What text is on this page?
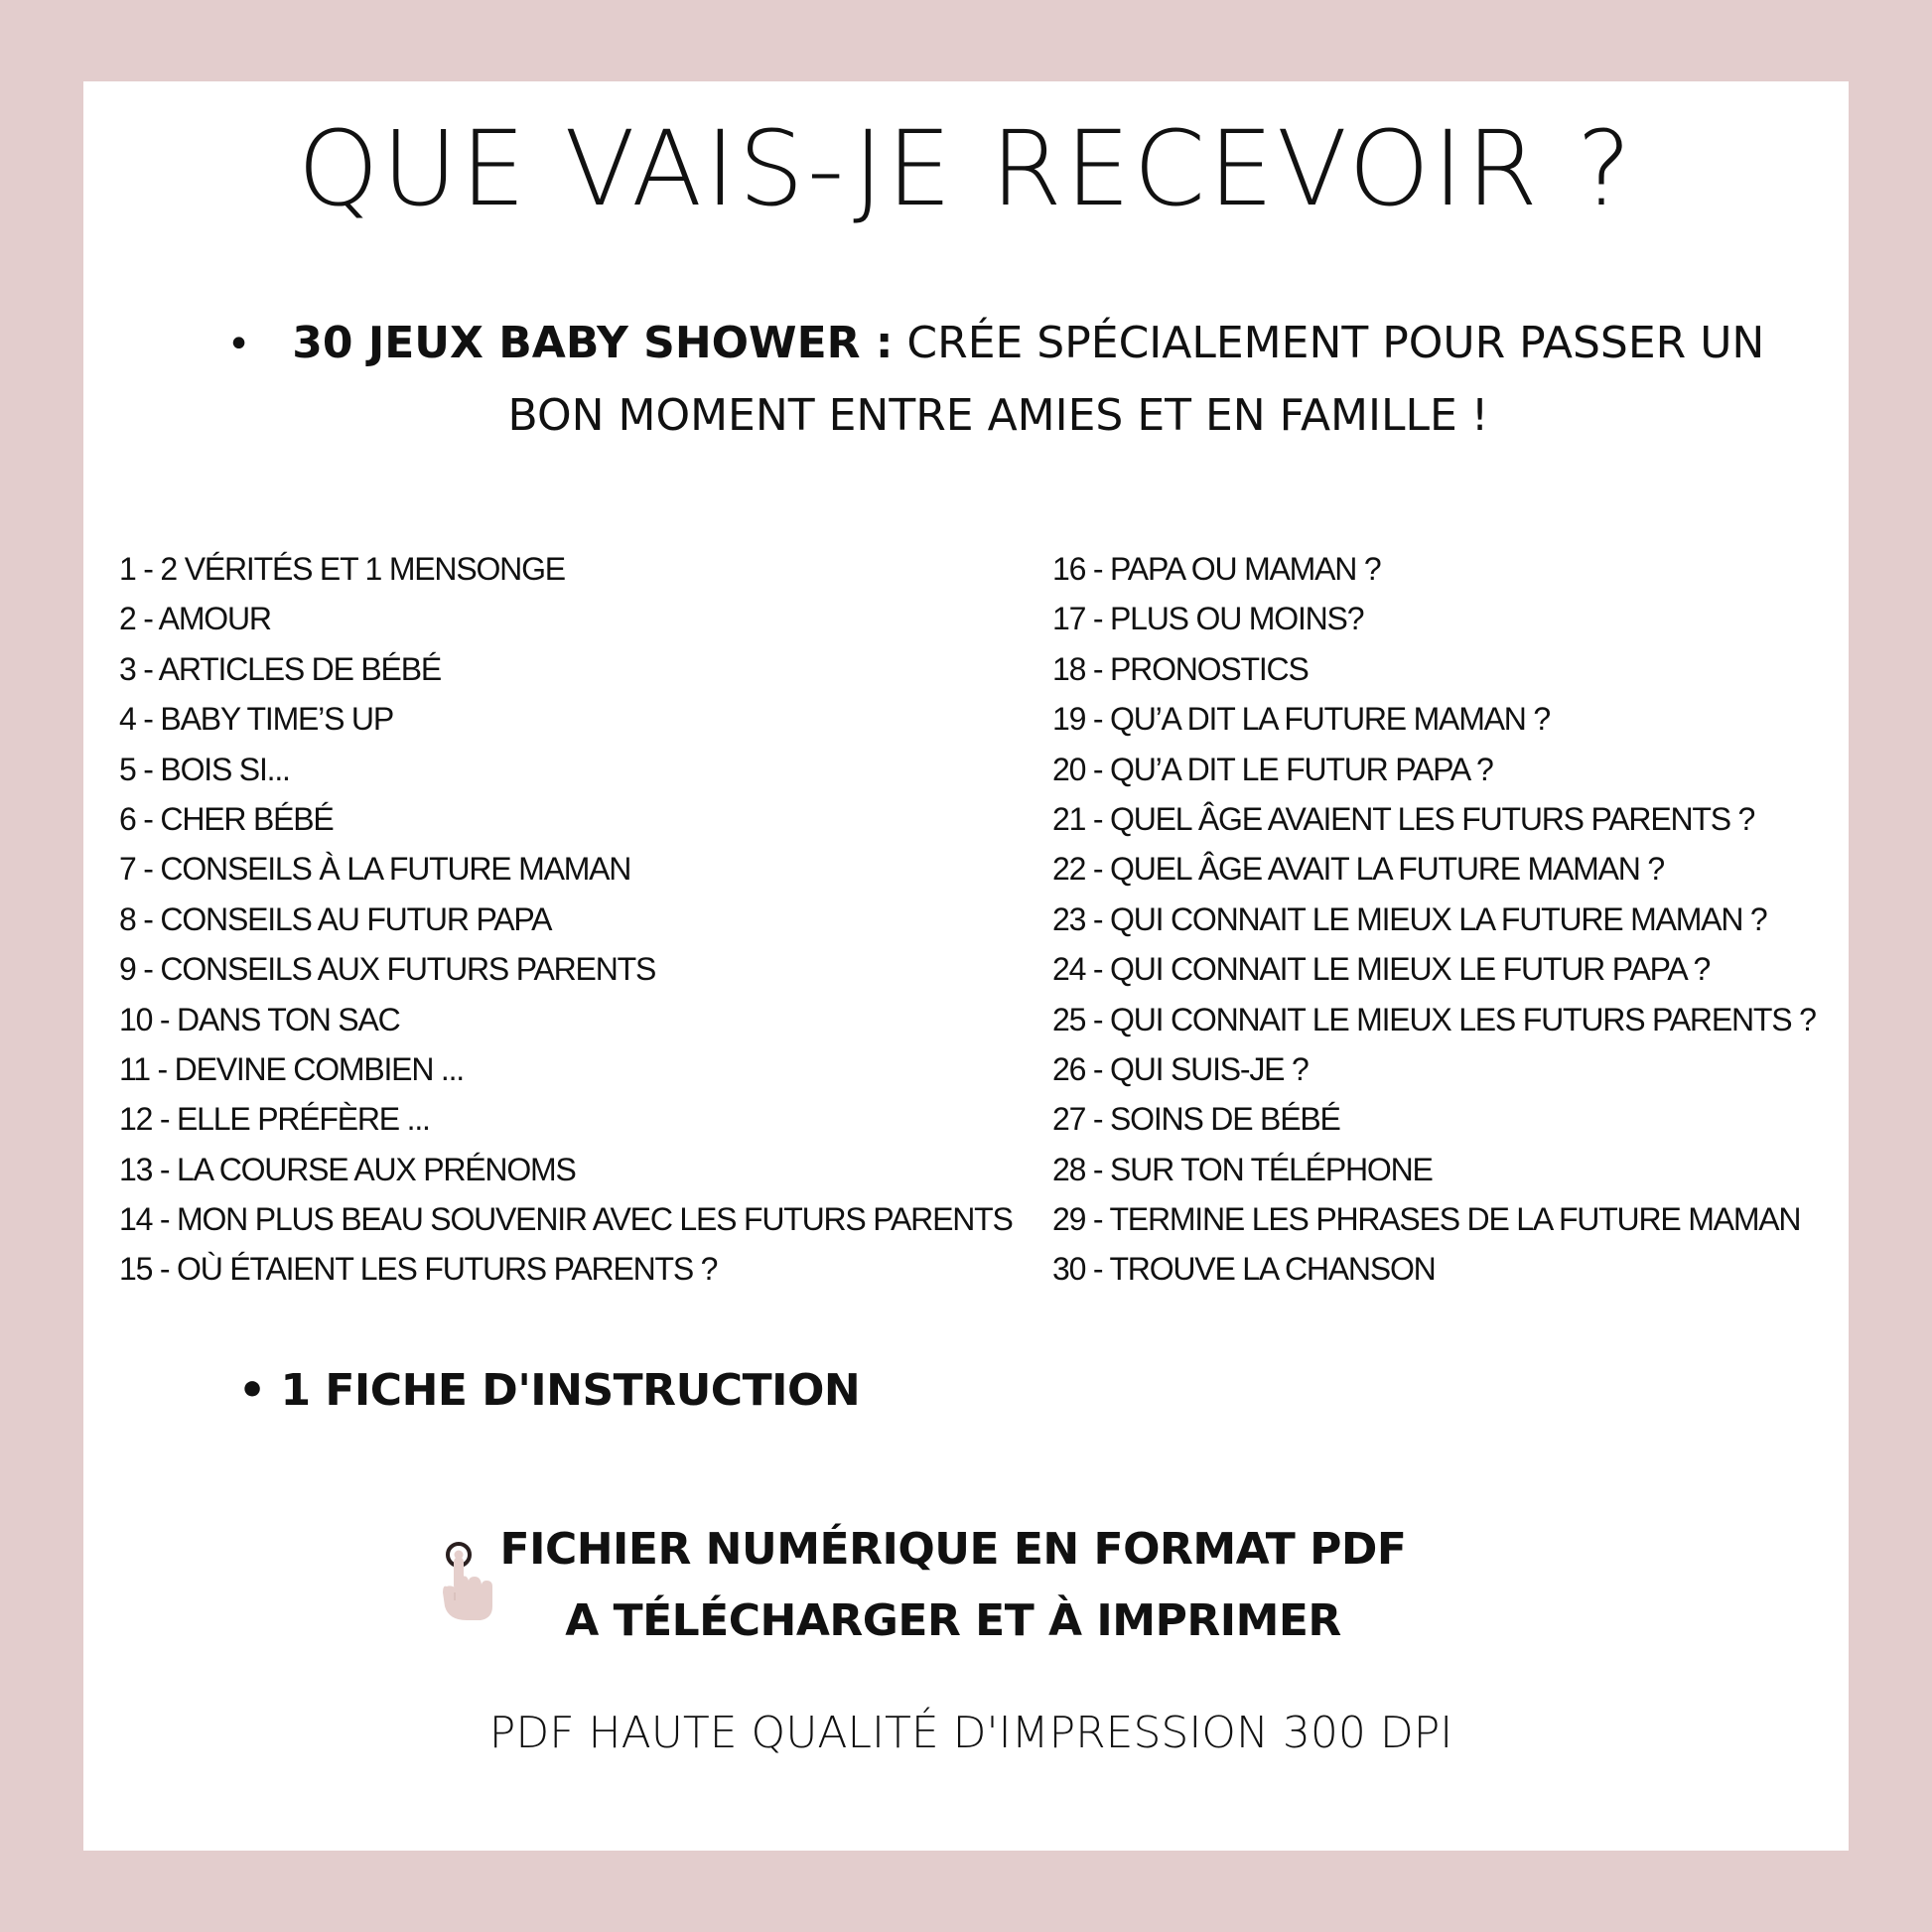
QUE VAIS-JE RECEVOIR ?
• 30 JEUX BABY SHOWER : CRÉE SPÉCIALEMENT POUR PASSER UN
BON MOMENT ENTRE AMIES ET EN FAMILLE !
1 - 2 VÉRITÉS ET 1 MENSONGE
2 - AMOUR
3 - ARTICLES DE BÉBÉ
4 - BABY TIME’S UP
5 - BOIS SI...
6 - CHER BÉBÉ
7 - CONSEILS À LA FUTURE MAMAN
8 - CONSEILS AU FUTUR PAPA
9 - CONSEILS AUX FUTURS PARENTS
10 - DANS TON SAC
11 - DEVINE COMBIEN ...
12 - ELLE PRÉFÈRE ...
13 - LA COURSE AUX PRÉNOMS
14 - MON PLUS BEAU SOUVENIR AVEC LES FUTURS PARENTS
15 - OÙ ÉTAIENT LES FUTURS PARENTS ?
16 - PAPA OU MAMAN ?
17 - PLUS OU MOINS?
18 - PRONOSTICS
19 - QU’A DIT LA FUTURE MAMAN ?
20 - QU’A DIT LE FUTUR PAPA ?
21 - QUEL ÂGE AVAIENT LES FUTURS PARENTS ?
22 - QUEL ÂGE AVAIT LA FUTURE MAMAN ?
23 - QUI CONNAIT LE MIEUX LA FUTURE MAMAN ?
24 - QUI CONNAIT LE MIEUX LE FUTUR PAPA ?
25 - QUI CONNAIT LE MIEUX LES FUTURS PARENTS ?
26 - QUI SUIS-JE ?
27 - SOINS DE BÉBÉ
28 - SUR TON TÉLÉPHONE
29 - TERMINE LES PHRASES DE LA FUTURE MAMAN
30 - TROUVE LA CHANSON
• 1 FICHE D'INSTRUCTION
FICHIER NUMÉRIQUE EN FORMAT PDF
A TÉLÉCHARGER ET À IMPRIMER
PDF HAUTE QUALITÉ D'IMPRESSION 300 DPI
